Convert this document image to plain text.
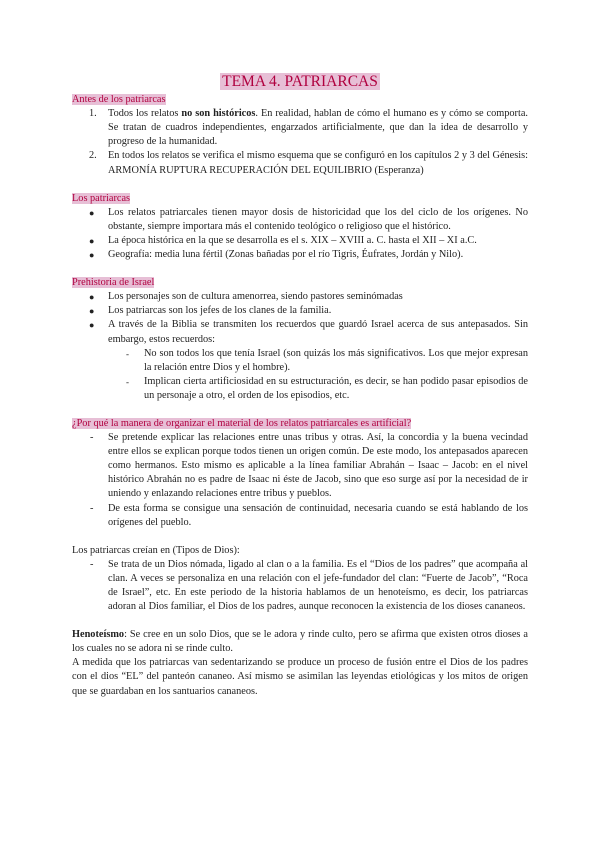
TEMA 4. PATRIARCAS
Antes de los patriarcas
1. Todos los relatos no son históricos. En realidad, hablan de cómo el humano es y cómo se comporta. Se tratan de cuadros independientes, engarzados artificialmente, que dan la idea de desarrollo y progreso de la humanidad.
2. En todos los relatos se verifica el mismo esquema que se configuró en los capítulos 2 y 3 del Génesis: ARMONÍA RUPTURA RECUPERACIÓN DEL EQUILIBRIO (Esperanza)
Los patriarcas
● Los relatos patriarcales tienen mayor dosis de historicidad que los del ciclo de los orígenes. No obstante, siempre importara más el contenido teológico o religioso que el histórico.
● La época histórica en la que se desarrolla es el s. XIX – XVIII a. C. hasta el XII – XI a.C.
● Geografía: media luna fértil (Zonas bañadas por el río Tigris, Éufrates, Jordán y Nilo).
Prehistoria de Israel
● Los personajes son de cultura amenorrea, siendo pastores seminómadas
● Los patriarcas son los jefes de los clanes de la familia.
● A través de la Biblia se transmiten los recuerdos que guardó Israel acerca de sus antepasados. Sin embargo, estos recuerdos:
- No son todos los que tenía Israel (son quizás los más significativos. Los que mejor expresan la relación entre Dios y el hombre).
- Implican cierta artificiosidad en su estructuración, es decir, se han podido pasar episodios de un personaje a otro, el orden de los episodios, etc.
¿Por qué la manera de organizar el material de los relatos patriarcales es artificial?
- Se pretende explicar las relaciones entre unas tribus y otras. Así, la concordia y la buena vecindad entre ellos se explican porque todos tienen un origen común. De este modo, los antepasados aparecen como hermanos. Esto mismo es aplicable a la línea familiar Abrahán – Isaac – Jacob: en el nivel histórico Abrahán no es padre de Isaac ni éste de Jacob, sino que eso surge así por la necesidad de ir uniendo y enlazando relaciones entre tribus y pueblos.
- De esta forma se consigue una sensación de continuidad, necesaria cuando se está hablando de los orígenes del pueblo.

Los patriarcas creían en (Tipos de Dios):

- Se trata de un Dios nómada, ligado al clan o a la familia. Es el “Dios de los padres” que acompaña al clan. A veces se personaliza en una relación con el jefe-fundador del clan: “Fuerte de Jacob”, “Roca de Israel”, etc. En este periodo de la historia hablamos de un henoteísmo, es decir, los patriarcas adoran al Dios familiar, el Dios de los padres, aunque reconocen la existencia de los dioses cananeos.

Henoteísmo: Se cree en un solo Dios, que se le adora y rinde culto, pero se afirma que existen otros dioses a los cuales no se adora ni se rinde culto.

A medida que los patriarcas van sedentarizando se produce un proceso de fusión entre el Dios de los padres con el dios “EL” del panteón cananeo. Así mismo se asimilan las leyendas etiológicas y los mitos de origen que se guardaban en los santuarios cananeos.
